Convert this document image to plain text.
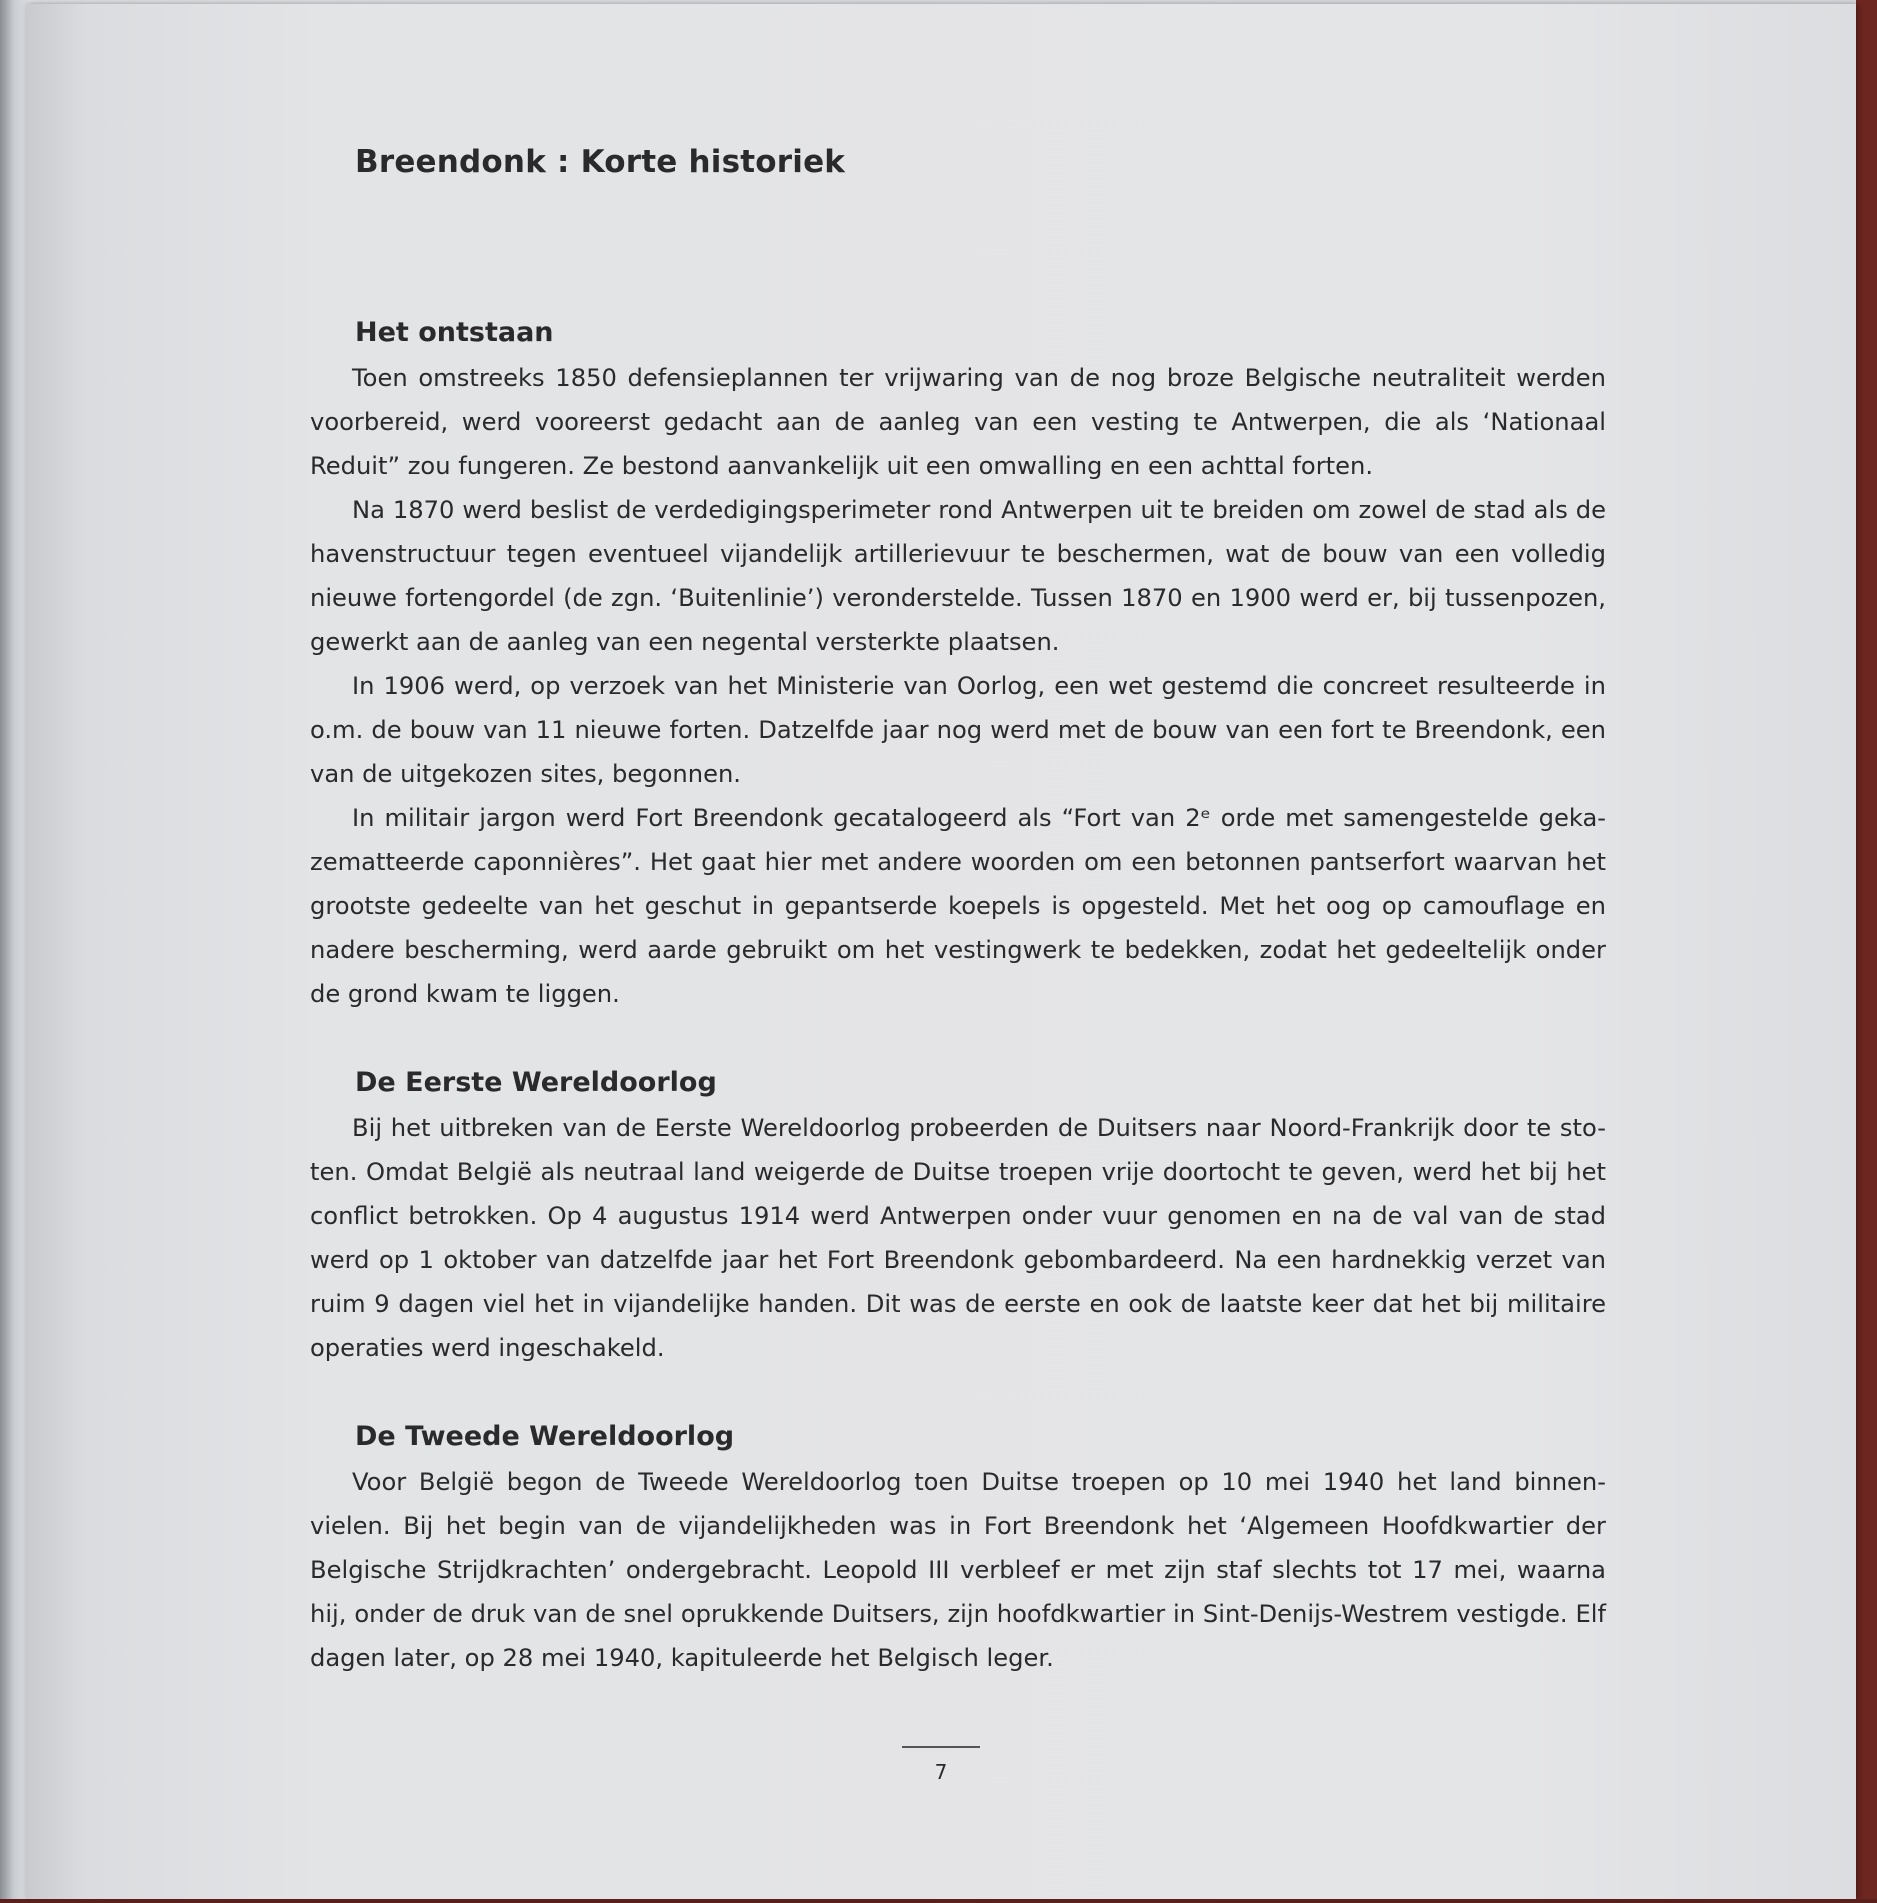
Breendonk : Korte historiek
Het ontstaan

Toen omstreeks 1850 defensieplannen ter vrijwaring van de nog broze Belgische neutraliteit werden voorbereid, werd vooreerst gedacht aan de aanleg van een vesting te Antwerpen, die als ‘Nationaal Reduit” zou fungeren. Ze bestond aanvankelijk uit een omwalling en een achttal forten.

Na 1870 werd beslist de verdedigingsperimeter rond Antwerpen uit te breiden om zowel de stad als de havenstructuur tegen eventueel vijandelijk artillerievuur te beschermen, wat de bouw van een volledig nieuwe fortengordel (de zgn. ‘Buitenlinie’) veronderstelde. Tussen 1870 en 1900 werd er, bij tussenpozen, gewerkt aan de aanleg van een negental versterkte plaatsen.

In 1906 werd, op verzoek van het Ministerie van Oorlog, een wet gestemd die concreet resulteerde in o.m. de bouw van 11 nieuwe forten. Datzelfde jaar nog werd met de bouw van een fort te Breendonk, een van de uitgekozen sites, begonnen.

In militair jargon werd Fort Breendonk gecatalogeerd als “Fort van 2ᵉ orde met samengestelde geka-zematteerde caponnières”. Het gaat hier met andere woorden om een betonnen pantserfort waarvan het grootste gedeelte van het geschut in gepantserde koepels is opgesteld. Met het oog op camouflage en nadere bescherming, werd aarde gebruikt om het vestingwerk te bedekken, zodat het gedeeltelijk onder de grond kwam te liggen.

De Eerste Wereldoorlog

Bij het uitbreken van de Eerste Wereldoorlog probeerden de Duitsers naar Noord-Frankrijk door te sto-ten. Omdat België als neutraal land weigerde de Duitse troepen vrije doortocht te geven, werd het bij het conflict betrokken. Op 4 augustus 1914 werd Antwerpen onder vuur genomen en na de val van de stad werd op 1 oktober van datzelfde jaar het Fort Breendonk gebombardeerd. Na een hardnekkig verzet van ruim 9 dagen viel het in vijandelijke handen. Dit was de eerste en ook de laatste keer dat het bij militaire operaties werd ingeschakeld.

De Tweede Wereldoorlog

Voor België begon de Tweede Wereldoorlog toen Duitse troepen op 10 mei 1940 het land binnen-vielen. Bij het begin van de vijandelijkheden was in Fort Breendonk het ‘Algemeen Hoofdkwartier der Belgische Strijdkrachten’ ondergebracht. Leopold III verbleef er met zijn staf slechts tot 17 mei, waarna hij, onder de druk van de snel oprukkende Duitsers, zijn hoofdkwartier in Sint-Denijs-Westrem vestigde. Elf dagen later, op 28 mei 1940, kapituleerde het Belgisch leger.

7
